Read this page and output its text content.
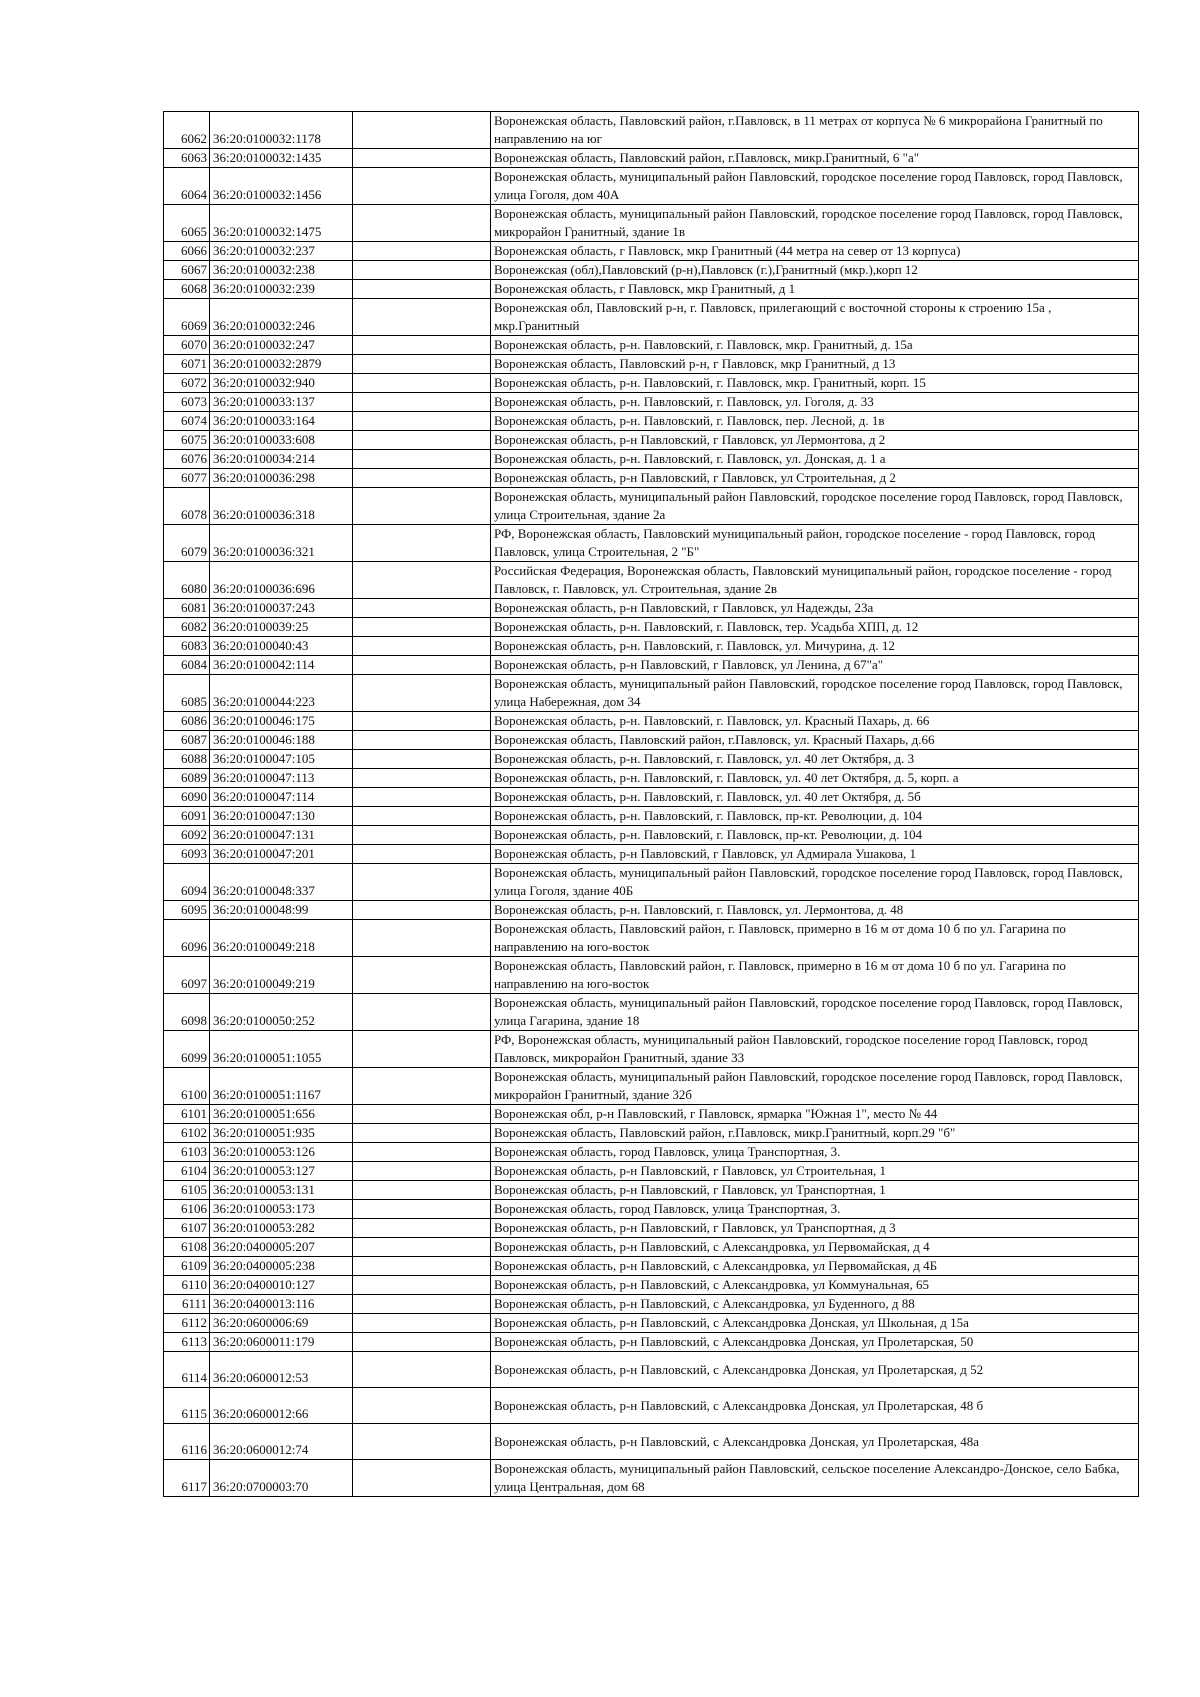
6062	36:20:0100032:1178		Воронежская область, Павловский район, г.Павловск, в 11 метрах от корпуса № 6 микрорайона Гранитный по направлению на юг
6063	36:20:0100032:1435		Воронежская область, Павловский район, г.Павловск, микр.Гранитный, 6 "а"
6064	36:20:0100032:1456		Воронежская область, муниципальный район Павловский, городское поселение город Павловск, город Павловск, улица Гоголя, дом 40А
6065	36:20:0100032:1475		Воронежская область, муниципальный район Павловский, городское поселение город Павловск, город Павловск, микрорайон Гранитный, здание 1в
6066	36:20:0100032:237		Воронежская область, г Павловск, мкр Гранитный (44 метра на север от 13 корпуса)
6067	36:20:0100032:238		Воронежская (обл),Павловский (р-н),Павловск (г.),Гранитный (мкр.),корп 12
6068	36:20:0100032:239		Воронежская область, г Павловск, мкр Гранитный, д 1
6069	36:20:0100032:246		Воронежская обл, Павловский р-н, г. Павловск, прилегающий с восточной стороны к строению 15а , мкр.Гранитный
6070	36:20:0100032:247		Воронежская область, р-н. Павловский, г. Павловск, мкр. Гранитный, д. 15а
6071	36:20:0100032:2879		Воронежская область, Павловский р-н, г Павловск, мкр Гранитный, д 13
6072	36:20:0100032:940		Воронежская область, р-н. Павловский, г. Павловск, мкр. Гранитный, корп. 15
6073	36:20:0100033:137		Воронежская область, р-н. Павловский, г. Павловск, ул. Гоголя, д. 33
6074	36:20:0100033:164		Воронежская область, р-н. Павловский, г. Павловск, пер. Лесной, д. 1в
6075	36:20:0100033:608		Воронежская область, р-н Павловский, г Павловск, ул Лермонтова, д 2
6076	36:20:0100034:214		Воронежская область, р-н. Павловский, г. Павловск, ул. Донская, д. 1 а
6077	36:20:0100036:298		Воронежская область, р-н Павловский, г Павловск, ул Строительная, д 2
6078	36:20:0100036:318		Воронежская область, муниципальный район Павловский, городское поселение город Павловск, город Павловск, улица Строительная, здание 2а
6079	36:20:0100036:321		РФ, Воронежская область, Павловский муниципальный район, городское поселение - город Павловск, город Павловск, улица Строительная, 2 "Б"
6080	36:20:0100036:696		Российская Федерация, Воронежская область, Павловский муниципальный район, городское поселение - город Павловск, г. Павловск, ул. Строительная, здание 2в
6081	36:20:0100037:243		Воронежская область, р-н Павловский, г Павловск, ул Надежды, 23а
6082	36:20:0100039:25		Воронежская область, р-н. Павловский, г. Павловск, тер. Усадьба ХПП, д. 12
6083	36:20:0100040:43		Воронежская область, р-н. Павловский, г. Павловск, ул. Мичурина, д. 12
6084	36:20:0100042:114		Воронежская область, р-н Павловский, г Павловск, ул Ленина, д 67"а"
6085	36:20:0100044:223		Воронежская область, муниципальный район Павловский, городское поселение город Павловск, город Павловск, улица Набережная, дом 34
6086	36:20:0100046:175		Воронежская область, р-н. Павловский, г. Павловск, ул. Красный Пахарь, д. 66
6087	36:20:0100046:188		Воронежская область, Павловский район, г.Павловск, ул. Красный Пахарь, д.66
6088	36:20:0100047:105		Воронежская область, р-н. Павловский, г. Павловск, ул. 40 лет Октября, д. 3
6089	36:20:0100047:113		Воронежская область, р-н. Павловский, г. Павловск, ул. 40 лет Октября, д. 5, корп. а
6090	36:20:0100047:114		Воронежская область, р-н. Павловский, г. Павловск, ул. 40 лет Октября, д. 5б
6091	36:20:0100047:130		Воронежская область, р-н. Павловский, г. Павловск, пр-кт. Революции, д. 104
6092	36:20:0100047:131		Воронежская область, р-н. Павловский, г. Павловск, пр-кт. Революции, д. 104
6093	36:20:0100047:201		Воронежская область, р-н Павловский, г Павловск, ул Адмирала Ушакова, 1
6094	36:20:0100048:337		Воронежская область, муниципальный район Павловский, городское поселение город Павловск, город Павловск, улица Гоголя, здание 40Б
6095	36:20:0100048:99		Воронежская область, р-н. Павловский, г. Павловск, ул. Лермонтова, д. 48
6096	36:20:0100049:218		Воронежская область, Павловский район, г. Павловск, примерно в 16 м от дома 10 б по ул. Гагарина по направлению на юго-восток
6097	36:20:0100049:219		Воронежская область, Павловский район, г. Павловск, примерно в 16 м от дома 10 б по ул. Гагарина по направлению на юго-восток
6098	36:20:0100050:252		Воронежская область, муниципальный район Павловский, городское поселение город Павловск, город Павловск, улица Гагарина, здание 18
6099	36:20:0100051:1055		РФ, Воронежская область, муниципальный район Павловский, городское поселение город Павловск, город Павловск, микрорайон Гранитный, здание 33
6100	36:20:0100051:1167		Воронежская область, муниципальный район Павловский, городское поселение город Павловск, город Павловск, микрорайон Гранитный, здание 32б
6101	36:20:0100051:656		Воронежская обл, р-н Павловский, г Павловск, ярмарка "Южная 1", место № 44
6102	36:20:0100051:935		Воронежская область, Павловский район, г.Павловск, микр.Гранитный, корп.29 "б"
6103	36:20:0100053:126		Воронежская область, город Павловск, улица Транспортная, 3.
6104	36:20:0100053:127		Воронежская область, р-н Павловский, г Павловск, ул Строительная, 1
6105	36:20:0100053:131		Воронежская область, р-н Павловский, г Павловск, ул Транспортная, 1
6106	36:20:0100053:173		Воронежская область, город Павловск, улица Транспортная, 3.
6107	36:20:0100053:282		Воронежская область, р-н Павловский, г Павловск, ул Транспортная, д 3
6108	36:20:0400005:207		Воронежская область, р-н Павловский, с Александровка, ул Первомайская, д 4
6109	36:20:0400005:238		Воронежская область, р-н Павловский, с Александровка, ул Первомайская, д 4Б
6110	36:20:0400010:127		Воронежская область, р-н Павловский, с Александровка, ул Коммунальная, 65
6111	36:20:0400013:116		Воронежская область, р-н Павловский, с Александровка, ул Буденного, д 88
6112	36:20:0600006:69		Воронежская область, р-н Павловский, с Александровка Донская, ул Школьная, д 15а
6113	36:20:0600011:179		Воронежская область, р-н Павловский, с Александровка Донская, ул Пролетарская, 50
6114	36:20:0600012:53		Воронежская область, р-н Павловский, с Александровка Донская, ул Пролетарская, д 52
6115	36:20:0600012:66		Воронежская область, р-н Павловский, с Александровка Донская, ул Пролетарская, 48 б
6116	36:20:0600012:74		Воронежская область, р-н Павловский, с Александровка Донская, ул Пролетарская, 48а
6117	36:20:0700003:70		Воронежская область, муниципальный район Павловский, сельское поселение Александро-Донское, село Бабка, улица Центральная, дом 68
